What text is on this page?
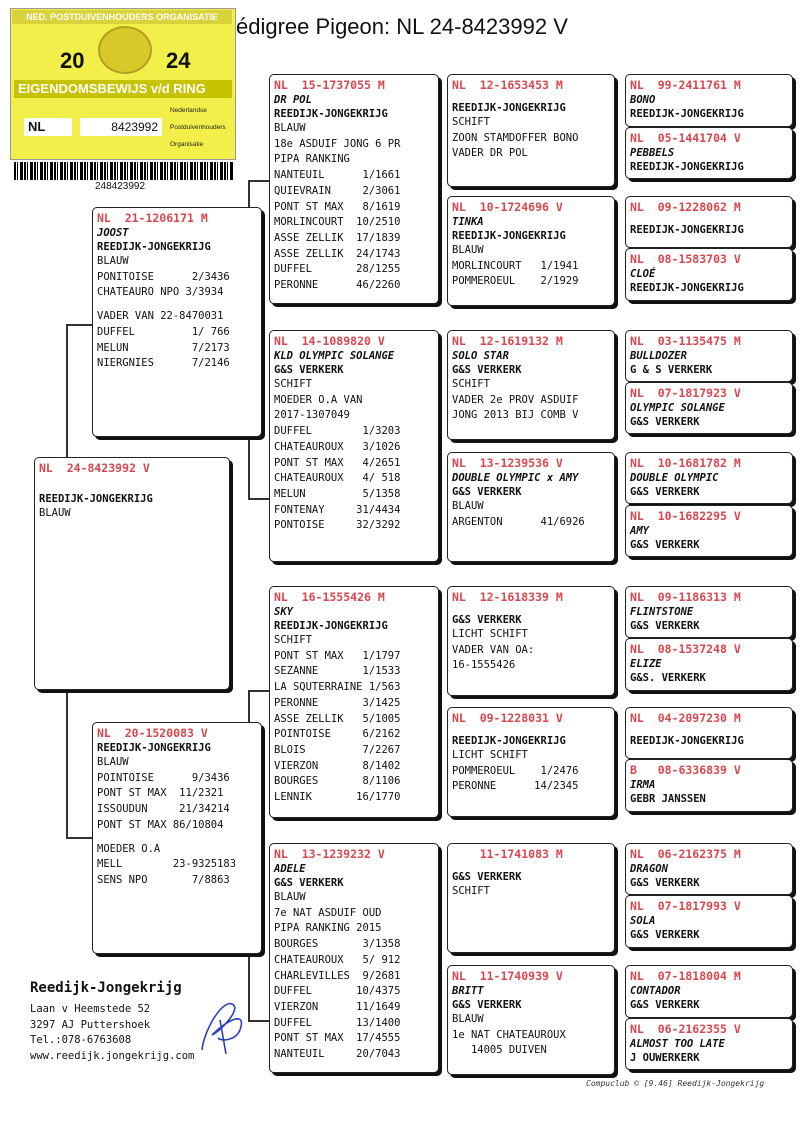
édigree Pigeon: NL 24-8423992 V
NED. POSTDUIVENHOUDERS ORGANISATIE
20	24
EIGENDOMSBEWIJS v/d RING
NL	8423992
Nederlandse
Postduivenhouders
Organisatie
248423992
NL  24-8423992 V
REEDIJK-JONGEKRIJG
BLAUW
NL  21-1206171 M
JOOST
REEDIJK-JONGEKRIJG
BLAUW
PONITOISE      2/3436
CHATEAURO NPO 3/3934
VADER VAN 22-8470031
DUFFEL         1/ 766
MELUN          7/2173
NIERGNIES      7/2146
NL  20-1520083 V
REEDIJK-JONGEKRIJG
BLAUW
POINTOISE      9/3436
PONT ST MAX  11/2321
ISSOUDUN     21/34214
PONT ST MAX 86/10804
MOEDER O.A
MELL        23-9325183
SENS NPO       7/8863
NL  15-1737055 M
DR POL
REEDIJK-JONGEKRIJG
BLAUW
18e ASDUIF JONG 6 PR
PIPA RANKING
NANTEUIL      1/1661
QUIEVRAIN     2/3061
PONT ST MAX   8/1619
MORLINCOURT  10/2510
ASSE ZELLIK  17/1839
ASSE ZELLIK  24/1743
DUFFEL       28/1255
PERONNE      46/2260
NL  14-1089820 V
KLD OLYMPIC SOLANGE
G&S VERKERK
SCHIFT
MOEDER O.A VAN
2017-1307049
DUFFEL        1/3203
CHATEAUROUX   3/1026
PONT ST MAX   4/2651
CHATEAUROUX   4/ 518
MELUN         5/1358
FONTENAY     31/4434
PONTOISE     32/3292
NL  16-1555426 M
SKY
REEDIJK-JONGEKRIJG
SCHIFT
PONT ST MAX   1/1797
SEZANNE       1/1533
LA SQUTERRAINE 1/563
PERONNE       3/1425
ASSE ZELLIK   5/1005
POINTOISE     6/2162
BLOIS         7/2267
VIERZON       8/1402
BOURGES       8/1106
LENNIK       16/1770
NL  13-1239232 V
ADELE
G&S VERKERK
BLAUW
7e NAT ASDUIF OUD
PIPA RANKING 2015
BOURGES       3/1358
CHATEAUROUX   5/ 912
CHARLEVILLES  9/2681
DUFFEL       10/4375
VIERZON      11/1649
DUFFEL       13/1400
PONT ST MAX  17/4555
NANTEUIL     20/7043
NL  12-1653453 M
REEDIJK-JONGEKRIJG
SCHIFT
ZOON STAMDOFFER BONO
VADER DR POL
NL  10-1724696 V
TINKA
REEDIJK-JONGEKRIJG
BLAUW
MORLINCOURT   1/1941
POMMEROEUL    2/1929
NL  12-1619132 M
SOLO STAR
G&S VERKERK
SCHIFT
VADER 2e PROV ASDUIF
JONG 2013 BIJ COMB V
NL  13-1239536 V
DOUBLE OLYMPIC x AMY
G&S VERKERK
BLAUW
ARGENTON      41/6926
NL  12-1618339 M
G&S VERKERK
LICHT SCHIFT
VADER VAN OA:
16-1555426
NL  09-1228031 V
REEDIJK-JONGEKRIJG
LICHT SCHIFT
POMMEROEUL    1/2476
PERONNE      14/2345
11-1741083 M
G&S VERKERK
SCHIFT
NL  11-1740939 V
BRITT
G&S VERKERK
BLAUW
1e NAT CHATEAUROUX
14005 DUIVEN
NL  99-2411761 M
BONO
REEDIJK-JONGEKRIJG
NL  05-1441704 V
PEBBELS
REEDIJK-JONGEKRIJG
NL  09-1228062 M
REEDIJK-JONGEKRIJG
NL  08-1583703 V
CLOÉ
REEDIJK-JONGEKRIJG
NL  03-1135475 M
BULLDOZER
G & S VERKERK
NL  07-1817923 V
OLYMPIC SOLANGE
G&S VERKERK
NL  10-1681782 M
DOUBLE OLYMPIC
G&S VERKERK
NL  10-1682295 V
AMY
G&S VERKERK
NL  09-1186313 M
FLINTSTONE
G&S VERKERK
NL  08-1537248 V
ELIZE
G&S. VERKERK
NL  04-2097230 M
REEDIJK-JONGEKRIJG
B   08-6336839 V
IRMA
GEBR JANSSEN
NL  06-2162375 M
DRAGON
G&S VERKERK
NL  07-1817993 V
SOLA
G&S VERKERK
NL  07-1818004 M
CONTADOR
G&S VERKERK
NL  06-2162355 V
ALMOST TOO LATE
J OUWERKERK
Reedijk-Jongekrijg
Laan v Heemstede 52
3297 AJ Puttershoek
Tel.:078-6763608
www.reedijk.jongekrijg.com
Compuclub © [9.46] Reedijk-Jongekrijg
